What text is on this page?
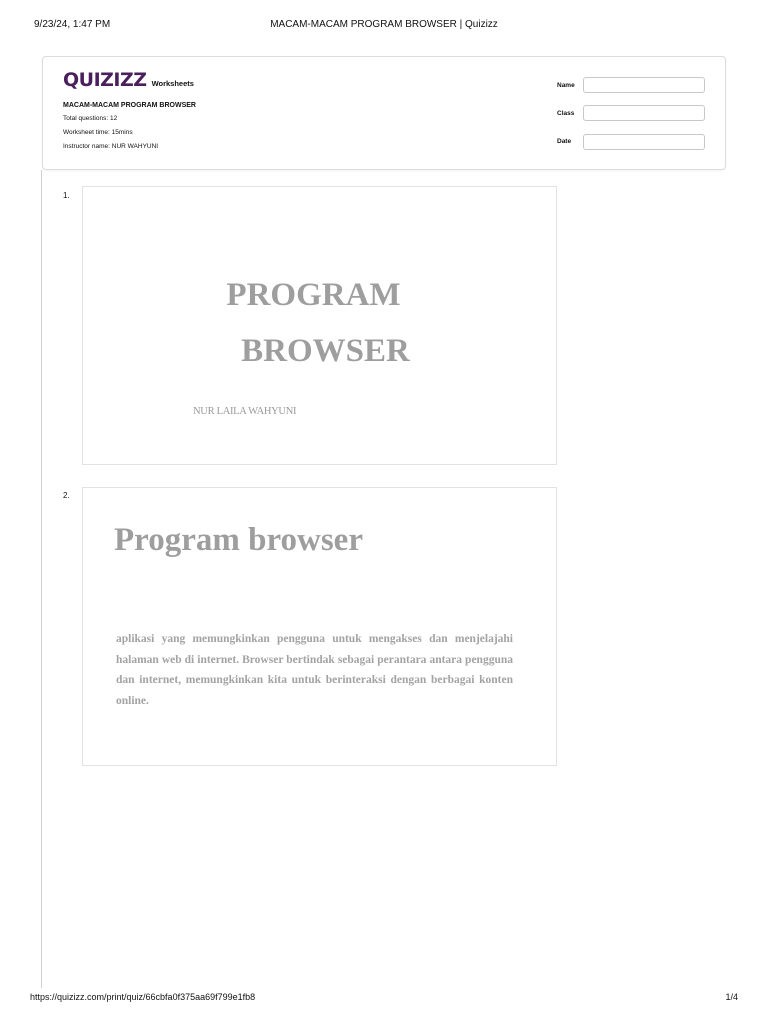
9/23/24, 1:47 PM	MACAM-MACAM PROGRAM BROWSER | Quizizz
QUIZIZZ Worksheets
MACAM-MACAM PROGRAM BROWSER
Total questions: 12
Worksheet time: 15mins
Instructor name: NUR WAHYUNI
Name
Class
Date
1.
PROGRAM
BROWSER
NUR LAILA WAHYUNI
2.
Program browser
aplikasi yang memungkinkan pengguna untuk mengakses dan menjelajahi halaman web di internet. Browser bertindak sebagai perantara antara pengguna dan internet, memungkinkan kita untuk berinteraksi dengan berbagai konten online.
https://quizizz.com/print/quiz/66cbfa0f375aa69f799e1fb8	1/4
